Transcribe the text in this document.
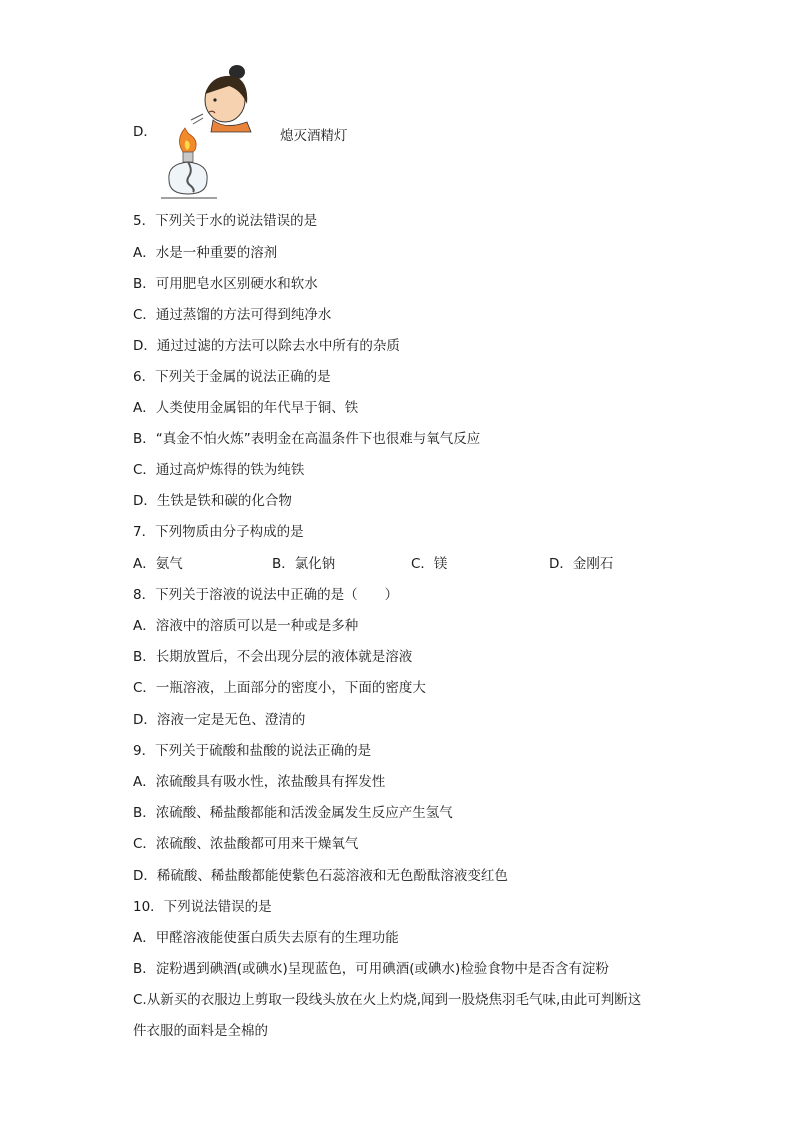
D．	熄灭酒精灯
5．下列关于水的说法错误的是
A．水是一种重要的溶剂
B．可用肥皂水区别硬水和软水
C．通过蒸馏的方法可得到纯净水
D．通过过滤的方法可以除去水中所有的杂质
6．下列关于金属的说法正确的是
A．人类使用金属铝的年代早于铜、铁
B．“真金不怕火炼”表明金在高温条件下也很难与氧气反应
C．通过高炉炼得的铁为纯铁
D．生铁是铁和碳的化合物
7．下列物质由分子构成的是
A．氨气	B．氯化钠	C．镁	D．金刚石
8．下列关于溶液的说法中正确的是（　　）
A．溶液中的溶质可以是一种或是多种
B．长期放置后，不会出现分层的液体就是溶液
C．一瓶溶液，上面部分的密度小，下面的密度大
D．溶液一定是无色、澄清的
9．下列关于硫酸和盐酸的说法正确的是
A．浓硫酸具有吸水性，浓盐酸具有挥发性
B．浓硫酸、稀盐酸都能和活泼金属发生反应产生氢气
C．浓硫酸、浓盐酸都可用来干燥氧气
D．稀硫酸、稀盐酸都能使紫色石蕊溶液和无色酚酞溶液变红色
10．下列说法错误的是
A．甲醛溶液能使蛋白质失去原有的生理功能
B．淀粉遇到碘酒(或碘水)呈现蓝色，可用碘酒(或碘水)检验食物中是否含有淀粉
C.从新买的衣服边上剪取一段线头放在火上灼烧,闻到一股烧焦羽毛气味,由此可判断这
件衣服的面料是全棉的
